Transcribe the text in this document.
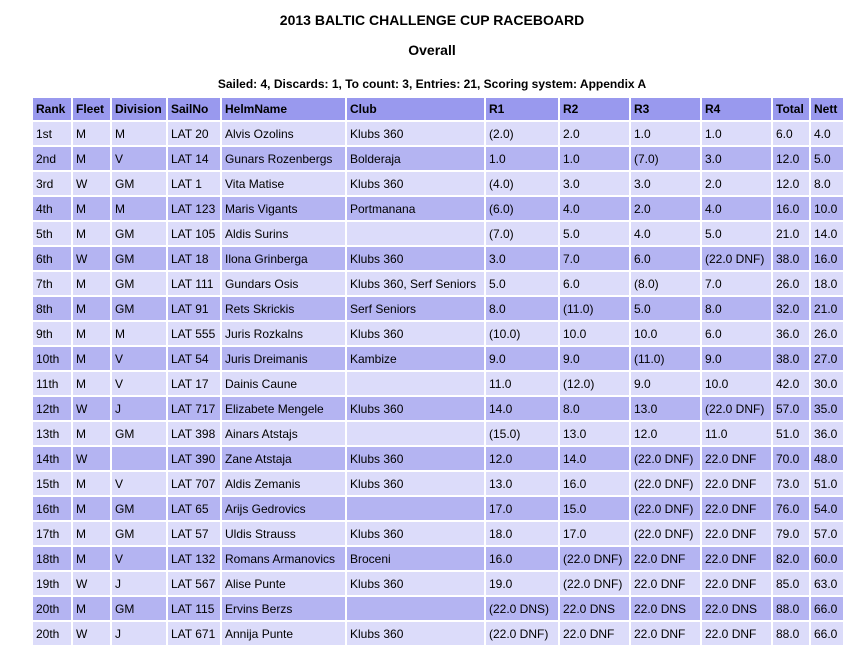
2013 BALTIC CHALLENGE CUP RACEBOARD
Overall
Sailed: 4, Discards: 1, To count: 3, Entries: 21, Scoring system: Appendix A
Rank	Fleet	Division	SailNo	HelmName	Club	R1	R2	R3	R4	Total	Nett
1st	M	M	LAT 20	Alvis Ozolins	Klubs 360	(2.0)	2.0	1.0	1.0	6.0	4.0
2nd	M	V	LAT 14	Gunars Rozenbergs	Bolderaja	1.0	1.0	(7.0)	3.0	12.0	5.0
3rd	W	GM	LAT 1	Vita Matise	Klubs 360	(4.0)	3.0	3.0	2.0	12.0	8.0
4th	M	M	LAT 123	Maris Vigants	Portmanana	(6.0)	4.0	2.0	4.0	16.0	10.0
5th	M	GM	LAT 105	Aldis Surins		(7.0)	5.0	4.0	5.0	21.0	14.0
6th	W	GM	LAT 18	Ilona Grinberga	Klubs 360	3.0	7.0	6.0	(22.0 DNF)	38.0	16.0
7th	M	GM	LAT 111	Gundars Osis	Klubs 360, Serf Seniors	5.0	6.0	(8.0)	7.0	26.0	18.0
8th	M	GM	LAT 91	Rets Skrickis	Serf Seniors	8.0	(11.0)	5.0	8.0	32.0	21.0
9th	M	M	LAT 555	Juris Rozkalns	Klubs 360	(10.0)	10.0	10.0	6.0	36.0	26.0
10th	M	V	LAT 54	Juris Dreimanis	Kambize	9.0	9.0	(11.0)	9.0	38.0	27.0
11th	M	V	LAT 17	Dainis Caune		11.0	(12.0)	9.0	10.0	42.0	30.0
12th	W	J	LAT 717	Elizabete Mengele	Klubs 360	14.0	8.0	13.0	(22.0 DNF)	57.0	35.0
13th	M	GM	LAT 398	Ainars Atstajs		(15.0)	13.0	12.0	11.0	51.0	36.0
14th	W		LAT 390	Zane Atstaja	Klubs 360	12.0	14.0	(22.0 DNF)	22.0 DNF	70.0	48.0
15th	M	V	LAT 707	Aldis Zemanis	Klubs 360	13.0	16.0	(22.0 DNF)	22.0 DNF	73.0	51.0
16th	M	GM	LAT 65	Arijs Gedrovics		17.0	15.0	(22.0 DNF)	22.0 DNF	76.0	54.0
17th	M	GM	LAT 57	Uldis Strauss	Klubs 360	18.0	17.0	(22.0 DNF)	22.0 DNF	79.0	57.0
18th	M	V	LAT 132	Romans Armanovics	Broceni	16.0	(22.0 DNF)	22.0 DNF	22.0 DNF	82.0	60.0
19th	W	J	LAT 567	Alise Punte	Klubs 360	19.0	(22.0 DNF)	22.0 DNF	22.0 DNF	85.0	63.0
20th	M	GM	LAT 115	Ervins Berzs		(22.0 DNS)	22.0 DNS	22.0 DNS	22.0 DNS	88.0	66.0
20th	W	J	LAT 671	Annija Punte	Klubs 360	(22.0 DNF)	22.0 DNF	22.0 DNF	22.0 DNF	88.0	66.0
